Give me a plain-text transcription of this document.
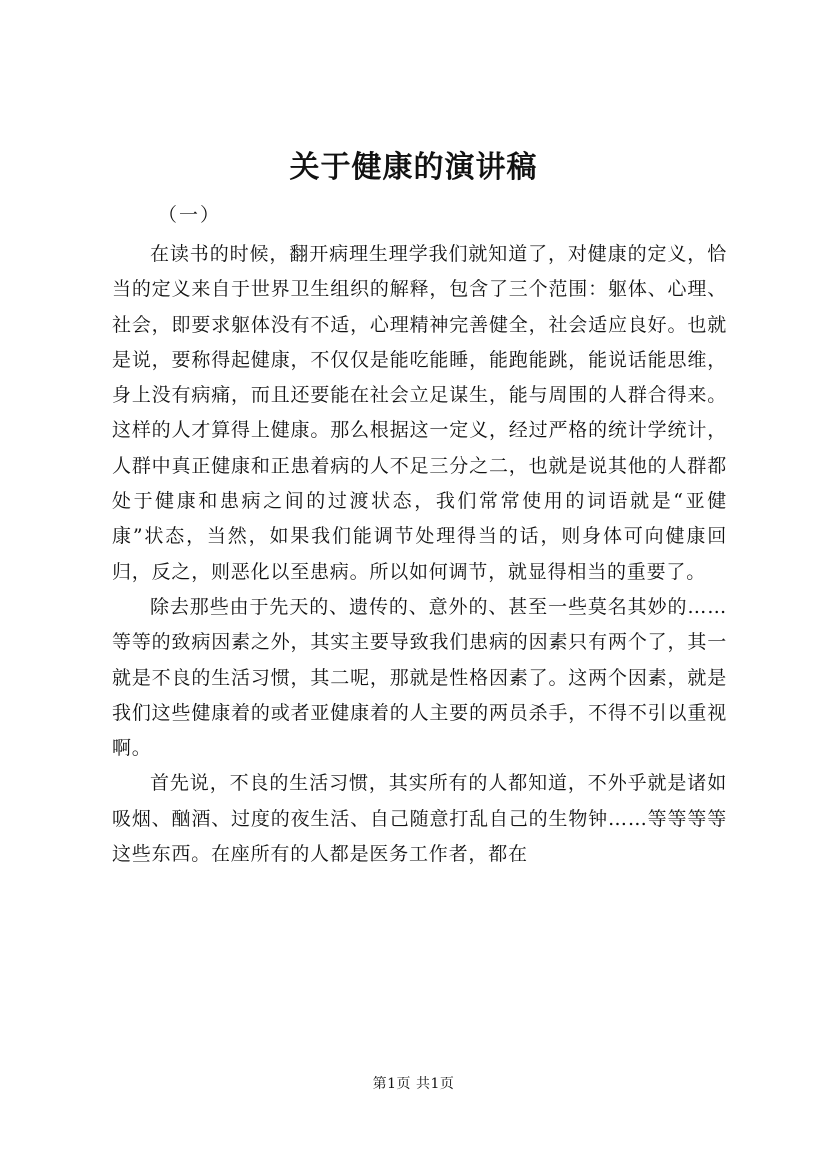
关于健康的演讲稿

（一）

在读书的时候，翻开病理生理学我们就知道了，对健康的定义，恰当的定义来自于世界卫生组织的解释，包含了三个范围：躯体、心理、社会，即要求躯体没有不适，心理精神完善健全，社会适应良好。也就是说，要称得起健康，不仅仅是能吃能睡，能跑能跳，能说话能思维，身上没有病痛，而且还要能在社会立足谋生，能与周围的人群合得来。这样的人才算得上健康。那么根据这一定义，经过严格的统计学统计，人群中真正健康和正患着病的人不足三分之二，也就是说其他的人群都处于健康和患病之间的过渡状态，我们常常使用的词语就是“亚健康”状态，当然，如果我们能调节处理得当的话，则身体可向健康回归，反之，则恶化以至患病。所以如何调节，就显得相当的重要了。

除去那些由于先天的、遗传的、意外的、甚至一些莫名其妙的……等等的致病因素之外，其实主要导致我们患病的因素只有两个了，其一就是不良的生活习惯，其二呢，那就是性格因素了。这两个因素，就是我们这些健康着的或者亚健康着的人主要的两员杀手，不得不引以重视啊。

首先说，不良的生活习惯，其实所有的人都知道，不外乎就是诸如吸烟、酗酒、过度的夜生活、自己随意打乱自己的生物钟……等等等等这些东西。在座所有的人都是医务工作者，都在

第1页 共1页
